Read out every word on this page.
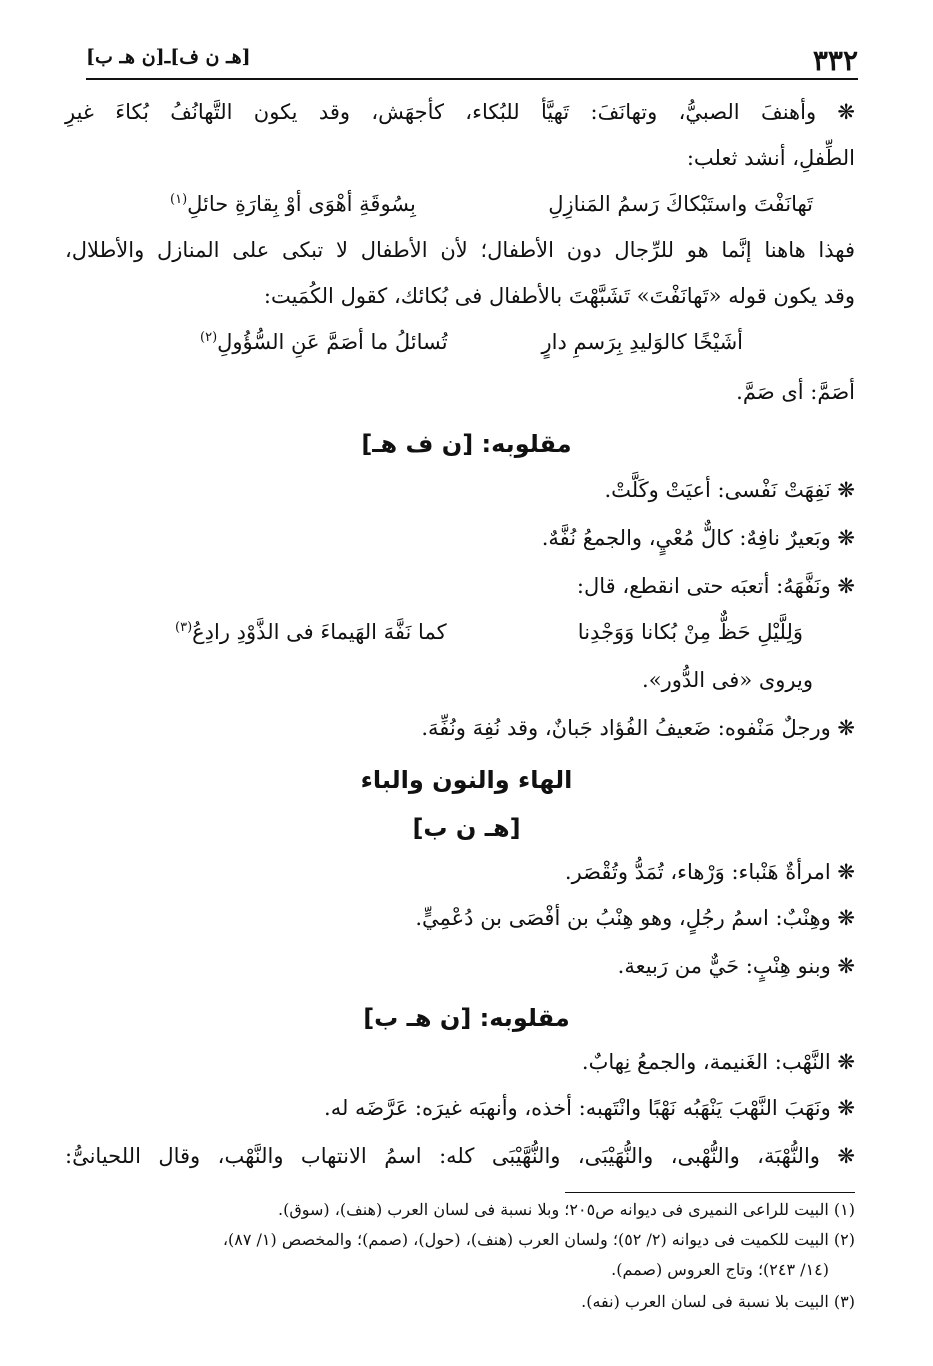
٣٣٢
[هـ ن ف]ـ[ن هـ ب]
❋ وأهنفَ الصبيُّ، وتهانَفَ: تَهيَّأ للبُكاء، كأجهَش، وقد يكون التَّهانُفُ بُكاءَ غيرِ
الطِّفلِ، أنشد ثعلب:
تَهانَفْتَ واستَبْكاكَ رَسمُ المَنازِلِ
بِسُوقَةِ أهْوَى أوْ بِقارَةِ حائلِ$^{(١)}$
فهذا هاهنا إنَّما هو للرِّجال دون الأطفال؛ لأن الأطفال لا تبكى على المنازل والأطلال،
وقد يكون قوله «تَهانَفْتَ» تَشَبَّهْتَ بالأطفال فى بُكائك، كقول الكُمَيت:
أشَيْخًا كالوَليدِ بِرَسمِ دارٍ
تُسائلُ ما أصَمَّ عَنِ السُّؤُولِ$^{(٢)}$
أصَمَّ: أى صَمَّ.
مقلوبه: [ن ف هـ]
❋ نَفِهَتْ نَفْسى: أعيَتْ وكَلَّتْ.
❋ وبَعيرٌ نافِهٌ: كالٌّ مُعْيٍ، والجمعُ نُفَّهٌ.
❋ ونَفَّهَهُ: أتعبَه حتى انقطع، قال:
وَلِلَّيْلِ حَظٌّ مِنْ بُكانا وَوَجْدِنا
كما نَفَّهَ الهَيماءَ فى الذَّوْدِ رادِعُ$^{(٣)}$
ويروى «فى الدُّور».
❋ ورجلٌ مَنْفوه: ضَعيفُ الفُؤاد جَبانٌ، وقد نُفِهَ ونُفِّهَ.
الهاء والنون والباء
[هـ ن ب]
❋ امرأةٌ هَنْباء: وَرْهاء، تُمَدُّ وتُقْصَر.
❋ وهِنْبٌ: اسمُ رجُلٍ، وهو هِنْبُ بن أفْصَى بن دُعْمِيٍّ.
❋ وبنو هِنْبٍ: حَيٌّ من رَبيعة.
مقلوبه: [ن هـ ب]
❋ النَّهْب: الغَنيمة، والجمعُ نِهابٌ.
❋ ونَهَبَ النَّهْبَ يَنْهَبُه نَهْبًا وانْتَهبه: أخذه، وأنهبَه غيرَه: عَرَّضَه له.
❋ والنُّهْبَة، والنُّهْبى، والنُّهَيْبَى، والنُّهَّيْبَى كله: اسمُ الانتهاب والنَّهْب، وقال اللحيانىُّ:
(١) البيت للراعى النميرى فى ديوانه ص٢٠٥؛ وبلا نسبة فى لسان العرب (هنف)، (سوق).
(٢) البيت للكميت فى ديوانه (٢/ ٥٢)؛ ولسان العرب (هنف)، (حول)، (صمم)؛ والمخصص (١/ ٨٧)،
(١٤/ ٢٤٣)؛ وتاج العروس (صمم).
(٣) البيت بلا نسبة فى لسان العرب (نفه).
